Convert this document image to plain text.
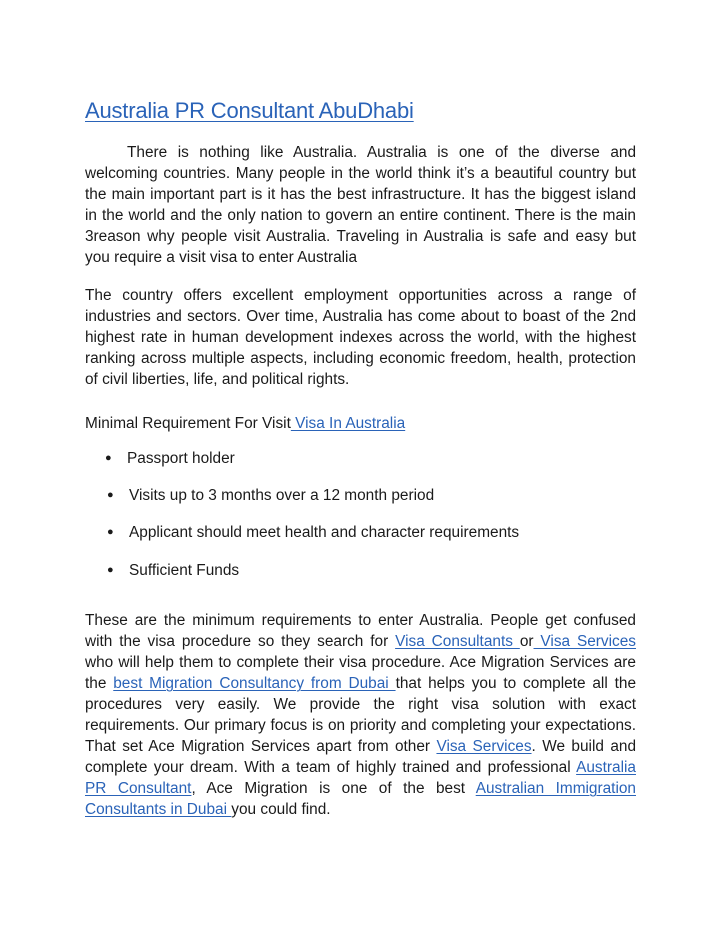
Australia PR Consultant AbuDhabi

There is nothing like Australia. Australia is one of the diverse and welcoming countries. Many people in the world think it’s a beautiful country but the main important part is it has the best infrastructure. It has the biggest island in the world and the only nation to govern an entire continent. There is the main 3reason why people visit Australia. Traveling in Australia is safe and easy but you require a visit visa to enter Australia

The country offers excellent employment opportunities across a range of industries and sectors. Over time, Australia has come about to boast of the 2nd highest rate in human development indexes across the world, with the highest ranking across multiple aspects, including economic freedom, health, protection of civil liberties, life, and political rights.

Minimal Requirement For Visit Visa In Australia

● Passport holder
● Visits up to 3 months over a 12 month period
● Applicant should meet health and character requirements
● Sufficient Funds

These are the minimum requirements to enter Australia. People get confused with the visa procedure so they search for Visa Consultants or Visa Services who will help them to complete their visa procedure. Ace Migration Services are the best Migration Consultancy from Dubai that helps you to complete all the procedures very easily. We provide the right visa solution with exact requirements. Our primary focus is on priority and completing your expectations. That set Ace Migration Services apart from other Visa Services. We build and complete your dream. With a team of highly trained and professional Australia PR Consultant, Ace Migration is one of the best Australian Immigration Consultants in Dubai you could find.
